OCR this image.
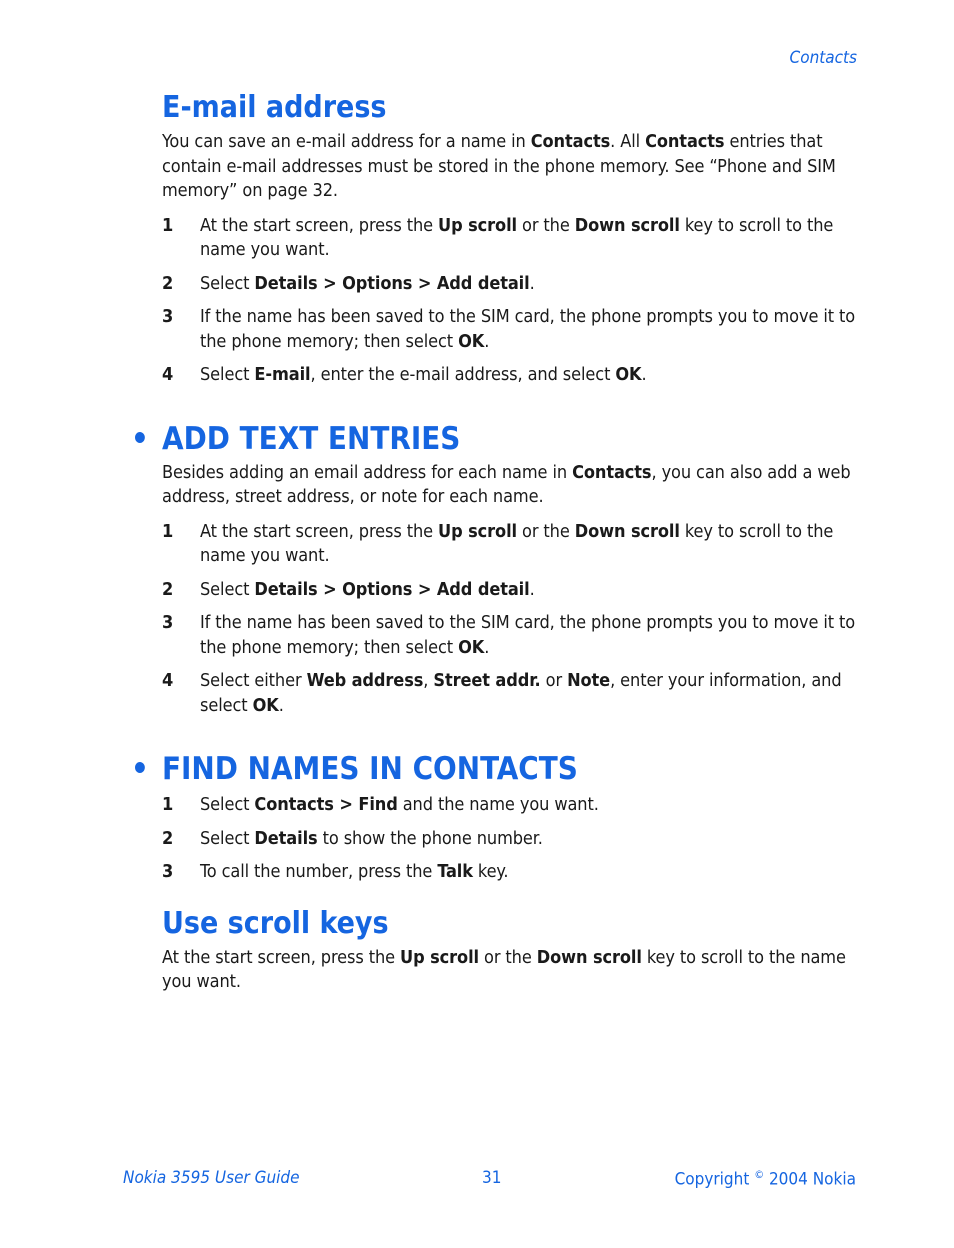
Contacts
E-mail address

You can save an e-mail address for a name in Contacts. All Contacts entries that contain e-mail addresses must be stored in the phone memory. See “Phone and SIM memory” on page 32.

1 At the start screen, press the Up scroll or the Down scroll key to scroll to the name you want.
2 Select Details > Options > Add detail.
3 If the name has been saved to the SIM card, the phone prompts you to move it to the phone memory; then select OK.
4 Select E-mail, enter the e-mail address, and select OK.
• ADD TEXT ENTRIES

Besides adding an email address for each name in Contacts, you can also add a web address, street address, or note for each name.

1 At the start screen, press the Up scroll or the Down scroll key to scroll to the name you want.
2 Select Details > Options > Add detail.
3 If the name has been saved to the SIM card, the phone prompts you to move it to the phone memory; then select OK.
4 Select either Web address, Street addr. or Note, enter your information, and select OK.
• FIND NAMES IN CONTACTS
1 Select Contacts > Find and the name you want.
2 Select Details to show the phone number.
3 To call the number, press the Talk key.
Use scroll keys

At the start screen, press the Up scroll or the Down scroll key to scroll to the name you want.

Nokia 3595 User Guide	31	Copyright © 2004 Nokia
